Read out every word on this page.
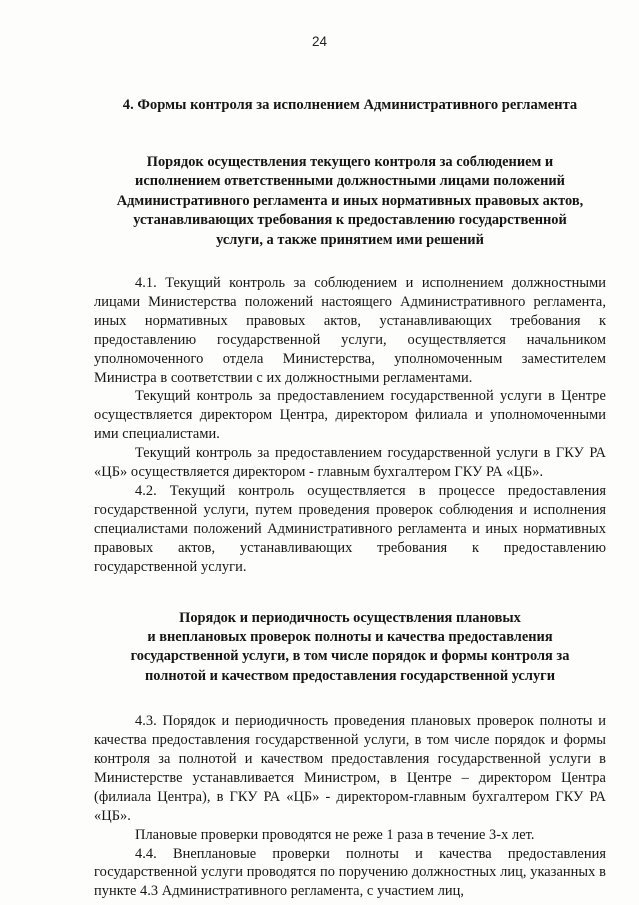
24
4. Формы контроля за исполнением Административного регламента
Порядок осуществления текущего контроля за соблюдением и
исполнением ответственными должностными лицами положений
Административного регламента и иных нормативных правовых актов,
устанавливающих требования к предоставлению государственной
услуги, а также принятием ими решений

4.1. Текущий контроль за соблюдением и исполнением должностными лицами Министерства положений настоящего Административного регламента, иных нормативных правовых актов, устанавливающих требования к предоставлению государственной услуги, осуществляется начальником уполномоченного отдела Министерства, уполномоченным заместителем Министра в соответствии с их должностными регламентами.

Текущий контроль за предоставлением государственной услуги в Центре осуществляется директором Центра, директором филиала и уполномоченными ими специалистами.

Текущий контроль за предоставлением государственной услуги в ГКУ РА «ЦБ» осуществляется директором - главным бухгалтером ГКУ РА «ЦБ».

4.2. Текущий контроль осуществляется в процессе предоставления государственной услуги, путем проведения проверок соблюдения и исполнения специалистами положений Административного регламента и иных нормативных правовых актов, устанавливающих требования к предоставлению государственной услуги.

Порядок и периодичность осуществления плановых
и внеплановых проверок полноты и качества предоставления
государственной услуги, в том числе порядок и формы контроля за
полнотой и качеством предоставления государственной услуги

4.3. Порядок и периодичность проведения плановых проверок полноты и качества предоставления государственной услуги, в том числе порядок и формы контроля за полнотой и качеством предоставления государственной услуги в Министерстве устанавливается Министром, в Центре – директором Центра (филиала Центра), в ГКУ РА «ЦБ» - директором-главным бухгалтером ГКУ РА «ЦБ».

Плановые проверки проводятся не реже 1 раза в течение 3-х лет.

4.4. Внеплановые проверки полноты и качества предоставления государственной услуги проводятся по поручению должностных лиц, указанных в пункте 4.3 Административного регламента, с участием лиц,
